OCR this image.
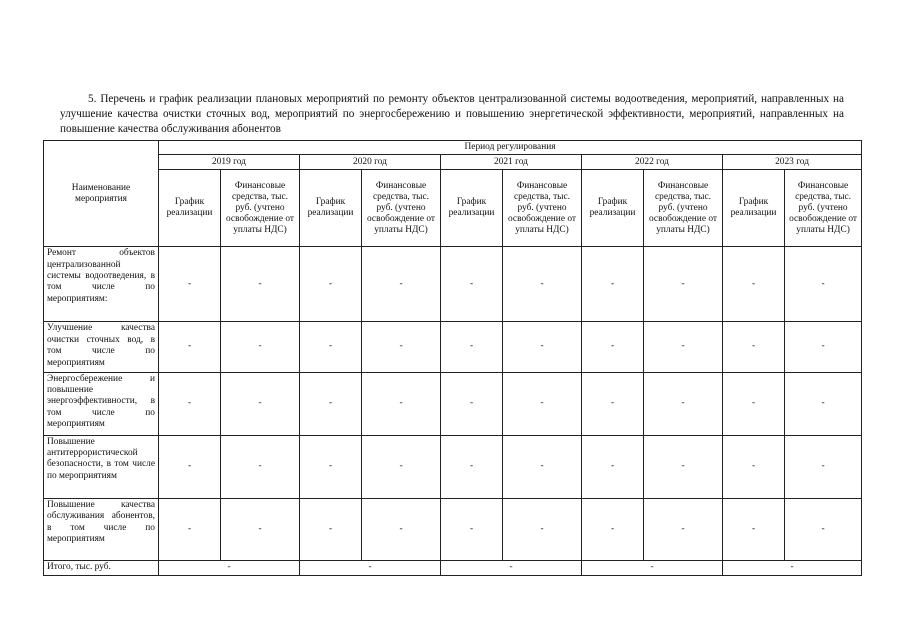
5. Перечень и график реализации плановых мероприятий по ремонту объектов централизованной системы водоотведения, мероприятий, направленных на улучшение качества очистки сточных вод, мероприятий по энергосбережению и повышению энергетической эффективности, мероприятий, направленных на повышение качества обслуживания абонентов
Наименование мероприятия	Период регулирования									
	2019 год		2020 год		2021 год		2022 год		2023 год	
	График реализации	Финансовые средства, тыс. руб. (учтено освобождение от уплаты НДС)	График реализации	Финансовые средства, тыс. руб. (учтено освобождение от уплаты НДС)	График реализации	Финансовые средства, тыс. руб. (учтено освобождение от уплаты НДС)	График реализации	Финансовые средства, тыс. руб. (учтено освобождение от уплаты НДС)	График реализации	Финансовые средства, тыс. руб. (учтено освобождение от уплаты НДС)
Ремонт объектов централизованной системы водоотведения, в том числе по мероприятиям:	-	-	-	-	-	-	-	-	-	-
Улучшение качества очистки сточных вод, в том числе по мероприятиям	-	-	-	-	-	-	-	-	-	-
Энергосбережение и повышение энергоэффективности, в том числе по мероприятиям	-	-	-	-	-	-	-	-	-	-
Повышение антитеррористической безопасности, в том числе по мероприятиям	-	-	-	-	-	-	-	-	-	-
Повышение качества обслуживания абонентов, в том числе по мероприятиям	-	-	-	-	-	-	-	-	-	-
Итого, тыс. руб.	-		-		-		-		-	
